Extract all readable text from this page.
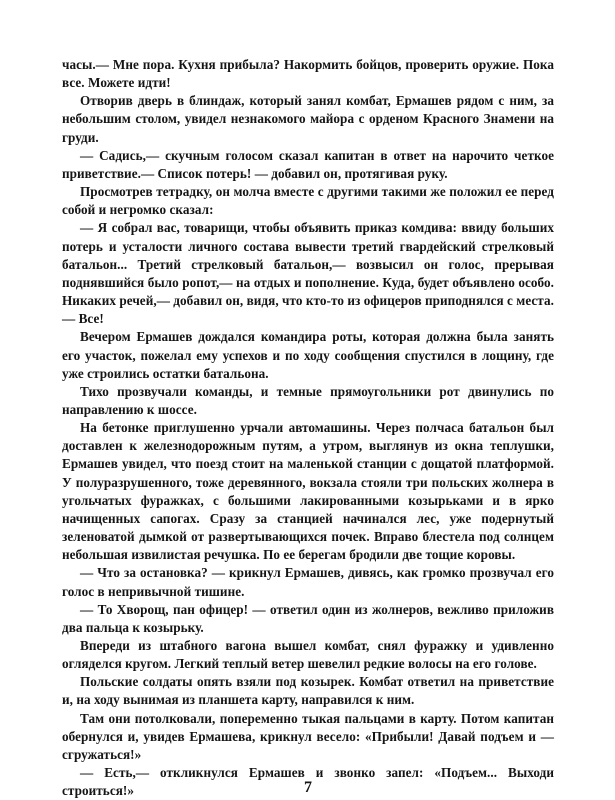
часы.— Мне пора. Кухня прибыла? Накормить бойцов, проверить оружие. Пока все. Можете идти!

Отворив дверь в блиндаж, который занял комбат, Ермашев рядом с ним, за небольшим столом, увидел незнакомого майора с орденом Красного Знамени на груди.

— Садись,— скучным голосом сказал капитан в ответ на нарочито четкое приветствие.— Список потерь! — добавил он, протягивая руку.

Просмотрев тетрадку, он молча вместе с другими такими же положил ее перед собой и негромко сказал:

— Я собрал вас, товарищи, чтобы объявить приказ комдива: ввиду больших потерь и усталости личного состава вывести третий гвардейский стрелковый батальон... Третий стрелковый батальон,— возвысил он голос, прерывая поднявшийся было ропот,— на отдых и пополнение. Куда, будет объявлено особо. Никаких речей,— добавил он, видя, что кто-то из офицеров приподнялся с места.— Все!

Вечером Ермашев дождался командира роты, которая должна была занять его участок, пожелал ему успехов и по ходу сообщения спустился в лощину, где уже строились остатки батальона.

Тихо прозвучали команды, и темные прямоугольники рот двинулись по направлению к шоссе.

На бетонке приглушенно урчали автомашины. Через полчаса батальон был доставлен к железнодорожным путям, а утром, выглянув из окна теплушки, Ермашев увидел, что поезд стоит на маленькой станции с дощатой платформой. У полуразрушенного, тоже деревянного, вокзала стояли три польских жолнера в угольчатых фуражках, с большими лакированными козырьками и в ярко начищенных сапогах. Сразу за станцией начинался лес, уже подернутый зеленоватой дымкой от развертывающихся почек. Вправо блестела под солнцем небольшая извилистая речушка. По ее берегам бродили две тощие коровы.

— Что за остановка? — крикнул Ермашев, дивясь, как громко прозвучал его голос в непривычной тишине.

— То Хворощ, пан офицер! — ответил один из жолнеров, вежливо приложив два пальца к козырьку.

Впереди из штабного вагона вышел комбат, снял фуражку и удивленно огляделся кругом. Легкий теплый ветер шевелил редкие волосы на его голове.

Польские солдаты опять взяли под козырек. Комбат ответил на приветствие и, на ходу вынимая из планшета карту, направился к ним.

Там они потолковали, попеременно тыкая пальцами в карту. Потом капитан обернулся и, увидев Ермашева, крикнул весело: «Прибыли! Давай подъем и — сгружаться!»

— Есть,— откликнулся Ермашев и звонко запел: «Подъем... Выходи строиться!»	7
